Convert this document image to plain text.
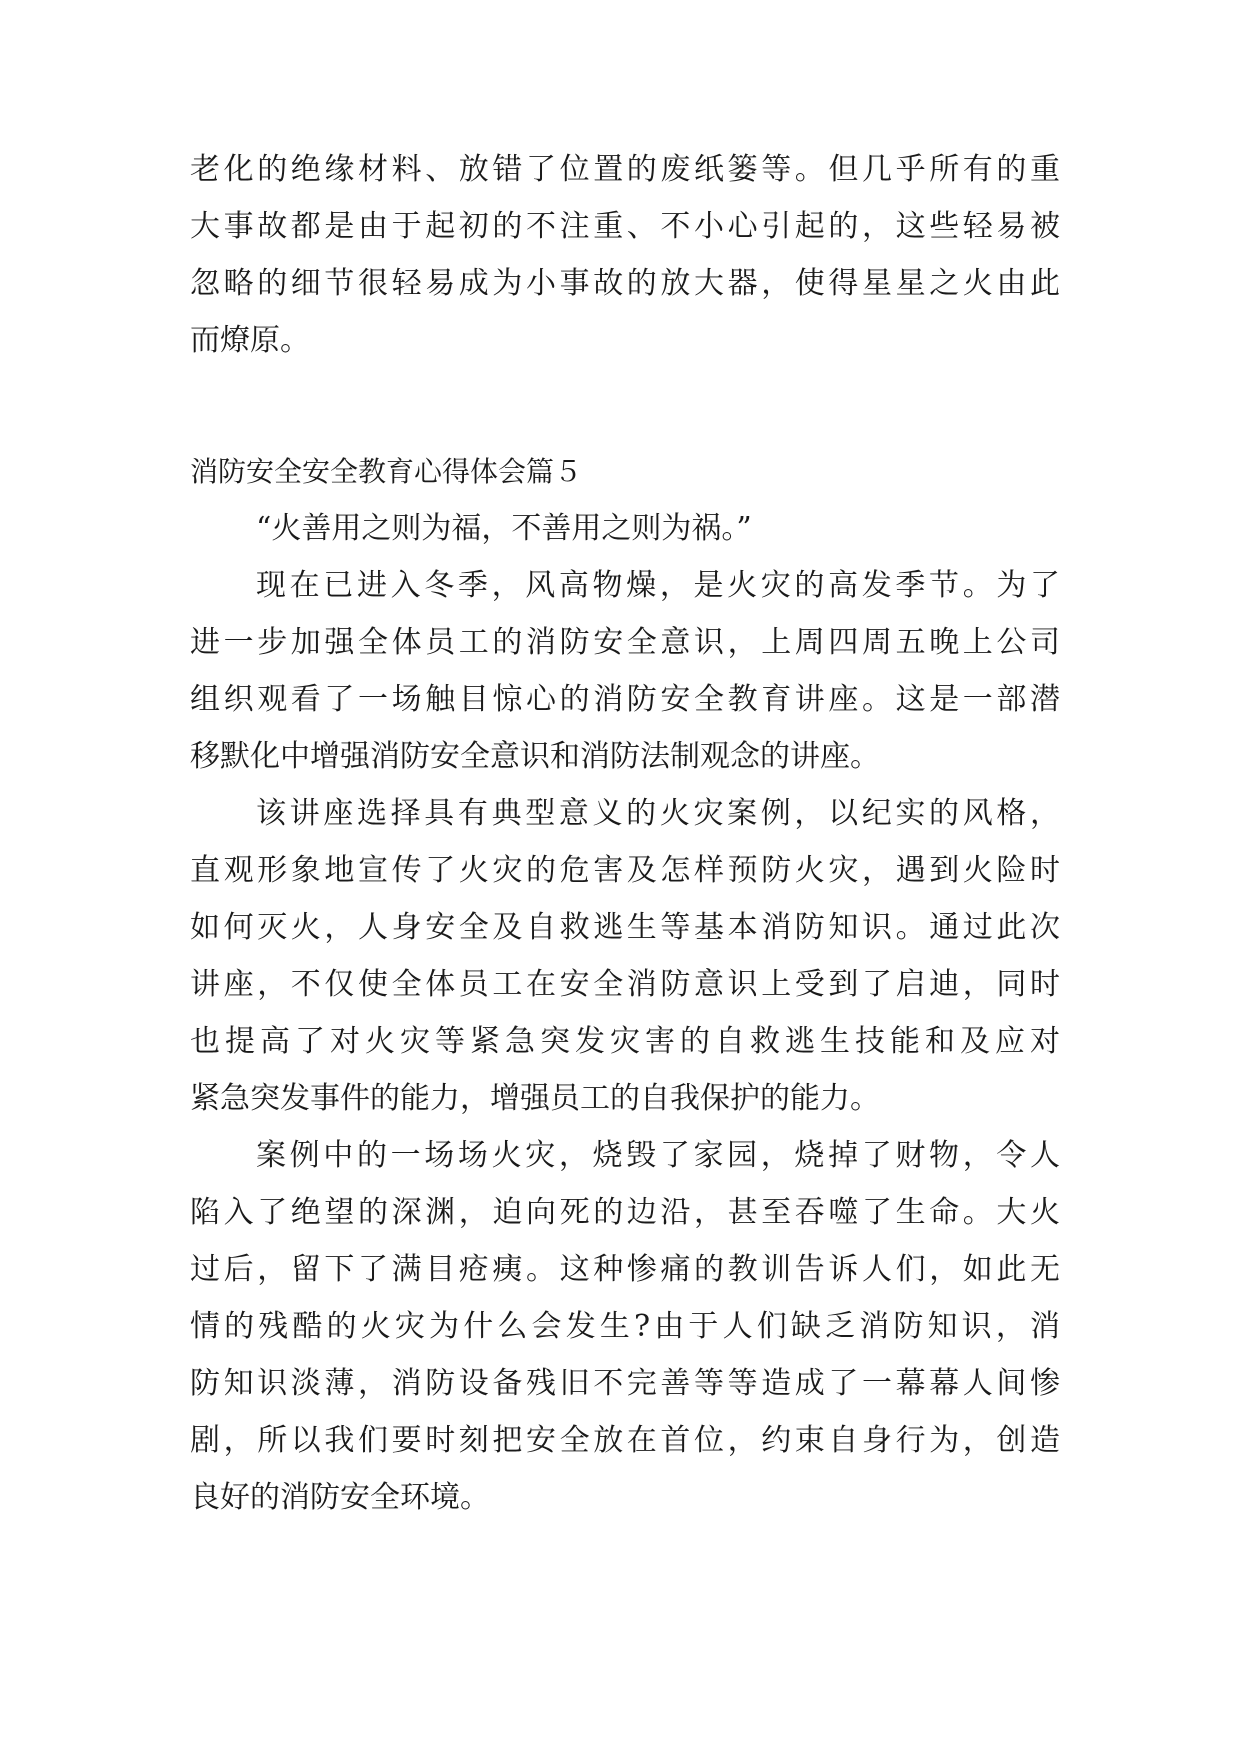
老化的绝缘材料、放错了位置的废纸篓等。但几乎所有的重
大事故都是由于起初的不注重、不小心引起的，这些轻易被
忽略的细节很轻易成为小事故的放大器，使得星星之火由此
而燎原。
消防安全安全教育心得体会篇５
“火善用之则为福，不善用之则为祸。”
现在已进入冬季，风高物燥，是火灾的高发季节。为了
进一步加强全体员工的消防安全意识，上周四周五晚上公司
组织观看了一场触目惊心的消防安全教育讲座。这是一部潜
移默化中增强消防安全意识和消防法制观念的讲座。
该讲座选择具有典型意义的火灾案例，以纪实的风格，
直观形象地宣传了火灾的危害及怎样预防火灾，遇到火险时
如何灭火，人身安全及自救逃生等基本消防知识。通过此次
讲座，不仅使全体员工在安全消防意识上受到了启迪，同时
也提高了对火灾等紧急突发灾害的自救逃生技能和及应对
紧急突发事件的能力，增强员工的自我保护的能力。
案例中的一场场火灾，烧毁了家园，烧掉了财物，令人
陷入了绝望的深渊，迫向死的边沿，甚至吞噬了生命。大火
过后，留下了满目疮痍。这种惨痛的教训告诉人们，如此无
情的残酷的火灾为什么会发生?由于人们缺乏消防知识，消
防知识淡薄，消防设备残旧不完善等等造成了一幕幕人间惨
剧，所以我们要时刻把安全放在首位，约束自身行为，创造
良好的消防安全环境。
